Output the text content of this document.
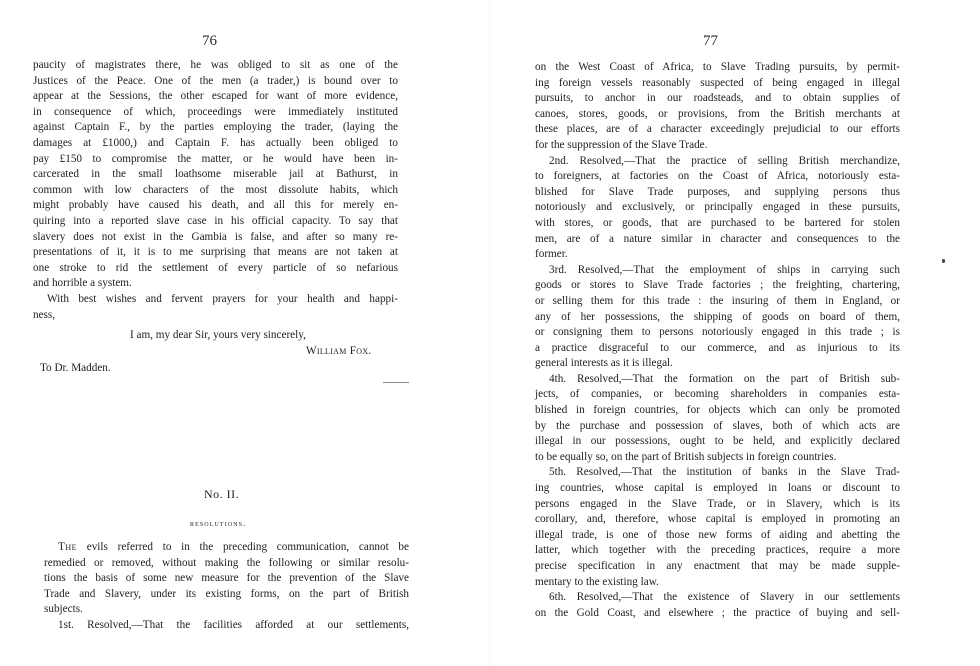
76
paucity of magistrates there, he was obliged to sit as one of the
Justices of the Peace. One of the men (a trader,) is bound over to
appear at the Sessions, the other escaped for want of more evidence,
in consequence of which, proceedings were immediately instituted
against Captain F., by the parties employing the trader, (laying the
damages at £1000,) and Captain F. has actually been obliged to
pay £150 to compromise the matter, or he would have been in-
carcerated in the small loathsome miserable jail at Bathurst, in
common with low characters of the most dissolute habits, which
might probably have caused his death, and all this for merely en-
quiring into a reported slave case in his official capacity. To say that
slavery does not exist in the Gambia is false, and after so many re-
presentations of it, it is to me surprising that means are not taken at
one stroke to rid the settlement of every particle of so nefarious
and horrible a system.
With best wishes and fervent prayers for your health and happi-
ness,
I am, my dear Sir, yours very sincerely,
William Fox.
To Dr. Madden.
No. II.
resolutions.
The evils referred to in the preceding communication, cannot be
remedied or removed, without making the following or similar resolu-
tions the basis of some new measure for the prevention of the Slave
Trade and Slavery, under its existing forms, on the part of British
subjects.
1st. Resolved,—That the facilities afforded at our settlements,
77
on the West Coast of Africa, to Slave Trading pursuits, by permit-
ing foreign vessels reasonably suspected of being engaged in illegal
pursuits, to anchor in our roadsteads, and to obtain supplies of
canoes, stores, goods, or provisions, from the British merchants at
these places, are of a character exceedingly prejudicial to our efforts
for the suppression of the Slave Trade.
2nd. Resolved,—That the practice of selling British merchandize,
to foreigners, at factories on the Coast of Africa, notoriously esta-
blished for Slave Trade purposes, and supplying persons thus
notoriously and exclusively, or principally engaged in these pursuits,
with stores, or goods, that are purchased to be bartered for stolen
men, are of a nature similar in character and consequences to the
former.
3rd. Resolved,—That the employment of ships in carrying such
goods or stores to Slave Trade factories ; the freighting, chartering,
or selling them for this trade : the insuring of them in England, or
any of her possessions, the shipping of goods on board of them,
or consigning them to persons notoriously engaged in this trade ; is
a practice disgraceful to our commerce, and as injurious to its
general interests as it is illegal.
4th. Resolved,—That the formation on the part of British sub-
jects, of companies, or becoming shareholders in companies esta-
blished in foreign countries, for objects which can only be promoted
by the purchase and possession of slaves, both of which acts are
illegal in our possessions, ought to be held, and explicitly declared
to be equally so, on the part of British subjects in foreign countries.
5th. Resolved,—That the institution of banks in the Slave Trad-
ing countries, whose capital is employed in loans or discount to
persons engaged in the Slave Trade, or in Slavery, which is its
corollary, and, therefore, whose capital is employed in promoting an
illegal trade, is one of those new forms of aiding and abetting the
latter, which together with the preceding practices, require a more
precise specification in any enactment that may be made supple-
mentary to the existing law.
6th. Resolved,—That the existence of Slavery in our settlements
on the Gold Coast, and elsewhere ; the practice of buying and sell-
